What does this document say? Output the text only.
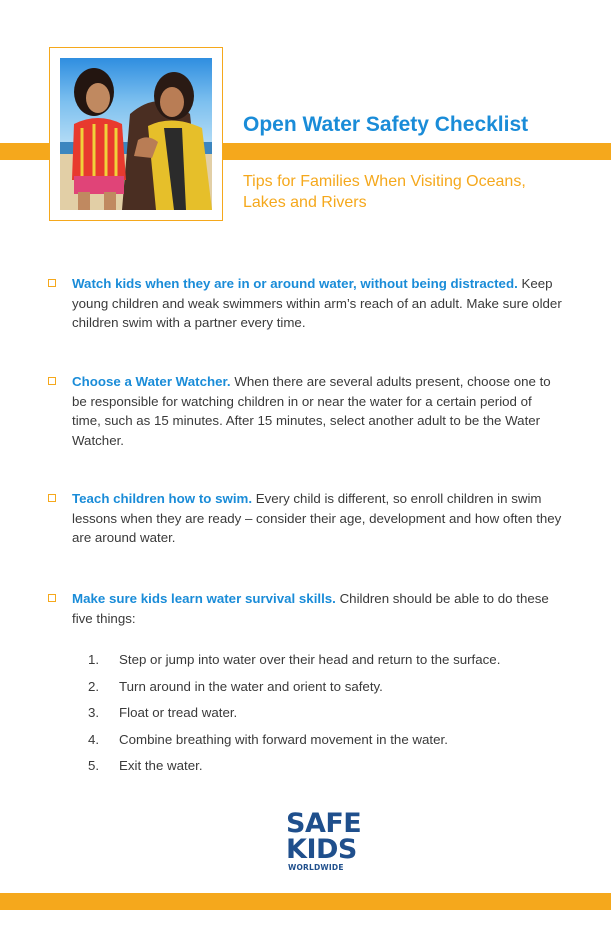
Open Water Safety Checklist

Tips for Families When Visiting Oceans, Lakes and Rivers

Watch kids when they are in or around water, without being distracted. Keep young children and weak swimmers within arm’s reach of an adult. Make sure older children swim with a partner every time.
Choose a Water Watcher. When there are several adults present, choose one to be responsible for watching children in or near the water for a certain period of time, such as 15 minutes. After 15 minutes, select another adult to be the Water Watcher.
Teach children how to swim. Every child is different, so enroll children in swim lessons when they are ready – consider their age, development and how often they are around water.
Make sure kids learn water survival skills. Children should be able to do these five things:
1.	Step or jump into water over their head and return to the surface.
2.	Turn around in the water and orient to safety.
3.	Float or tread water.
4.	Combine breathing with forward movement in the water.
5.	Exit the water.
SAFE
KIDS
WORLDWIDE
